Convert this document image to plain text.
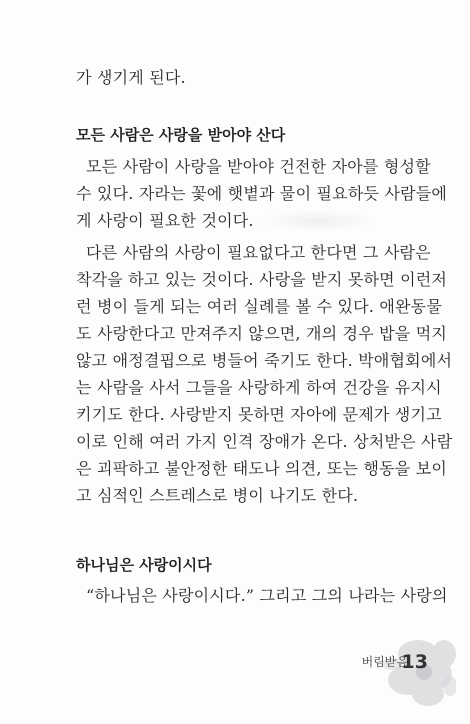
가 생기게 된다.
모든 사람은 사랑을 받아야 산다
모든 사람이 사랑을 받아야 건전한 자아를 형성할
수 있다. 자라는 꽃에 햇볕과 물이 필요하듯 사람들에
게 사랑이 필요한 것이다.
다른 사람의 사랑이 필요없다고 한다면 그 사람은
착각을 하고 있는 것이다. 사랑을 받지 못하면 이런저
런 병이 들게 되는 여러 실례를 볼 수 있다. 애완동물
도 사랑한다고 만져주지 않으면, 개의 경우 밥을 먹지
않고 애정결핍으로 병들어 죽기도 한다. 박애협회에서
는 사람을 사서 그들을 사랑하게 하여 건강을 유지시
키기도 한다. 사랑받지 못하면 자아에 문제가 생기고
이로 인해 여러 가지 인격 장애가 온다. 상처받은 사람
은 괴팍하고 불안정한 태도나 의견, 또는 행동을 보이
고 심적인 스트레스로 병이 나기도 한다.
하나님은 사랑이시다
“하나님은 사랑이시다.” 그리고 그의 나라는 사랑의
버림받음
13
